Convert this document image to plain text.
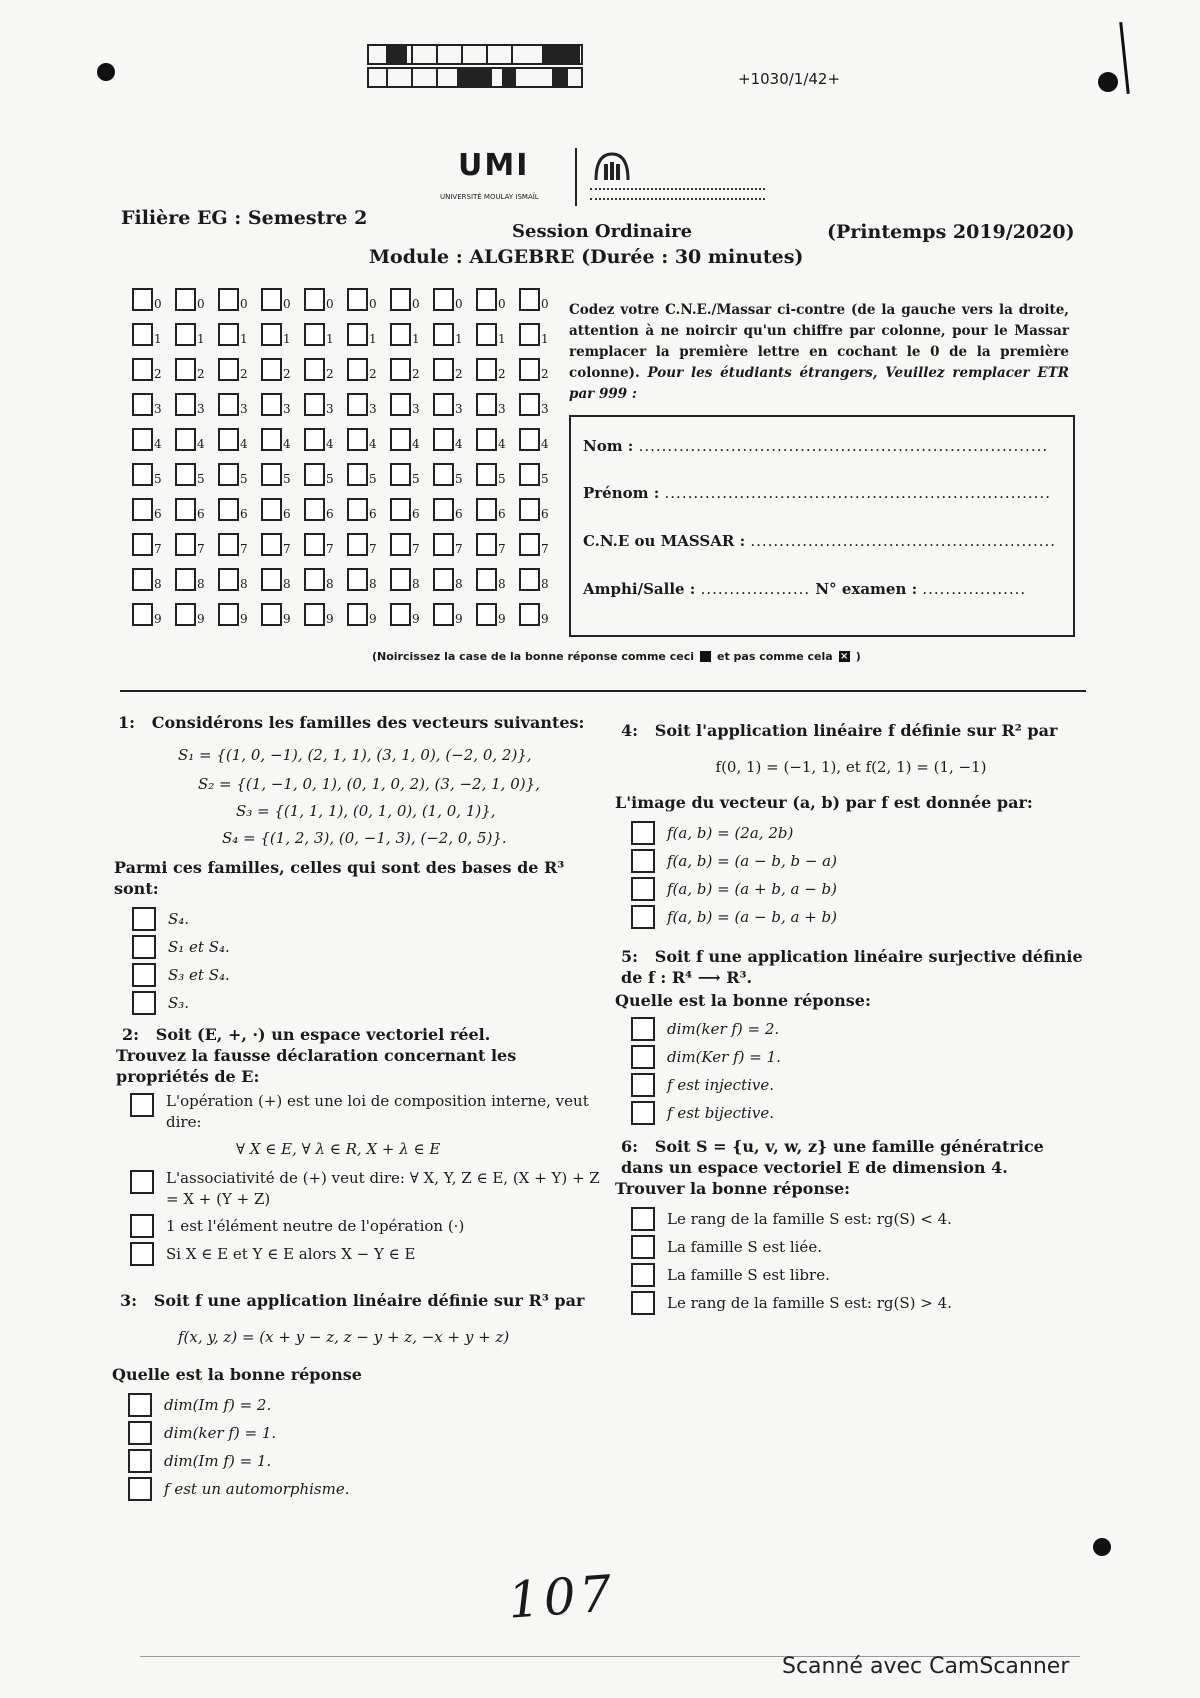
+1030/1/42+
UMI
UNIVERSITÉ MOULAY ISMAÏL
Filière EG : Semestre 2
Session Ordinaire	(Printemps 2019/2020)
Module : ALGEBRE (Durée : 30 minutes)
0	0	0	0	0	0	0	0	0	0
1	1	1	1	1	1	1	1	1	1
2	2	2	2	2	2	2	2	2	2
3	3	3	3	3	3	3	3	3	3
4	4	4	4	4	4	4	4	4	4
5	5	5	5	5	5	5	5	5	5
6	6	6	6	6	6	6	6	6	6
7	7	7	7	7	7	7	7	7	7
8	8	8	8	8	8	8	8	8	8
9	9	9	9	9	9	9	9	9	9
Codez votre C.N.E./Massar ci-contre (de la gauche vers la droite, attention à ne noircir qu'un chiffre par colonne, pour le Massar remplacer la première lettre en cochant le 0 de la première colonne). Pour les étudiants étrangers, Veuillez remplacer ETR par 999 :
Nom : .......................................................................
Prénom : ...................................................................
C.N.E ou MASSAR : .....................................................
Amphi/Salle : ................... N° examen : ..................
(Noircissez la case de la bonne réponse comme ceci et pas comme cela × )
1: Considérons les familles des vecteurs suivantes:
S₁ = {(1, 0, −1), (2, 1, 1), (3, 1, 0), (−2, 0, 2)},
S₂ = {(1, −1, 0, 1), (0, 1, 0, 2), (3, −2, 1, 0)},
S₃ = {(1, 1, 1), (0, 1, 0), (1, 0, 1)},
S₄ = {(1, 2, 3), (0, −1, 3), (−2, 0, 5)}.
Parmi ces familles, celles qui sont des bases de R³ sont:
S₄.
S₁ et S₄.
S₃ et S₄.
S₃.
2: Soit (E, +, ·) un espace vectoriel réel.
Trouvez la fausse déclaration concernant les propriétés de E:
L'opération (+) est une loi de composition interne, veut dire:
∀ X ∈ E, ∀ λ ∈ R, X + λ ∈ E
L'associativité de (+) veut dire: ∀ X, Y, Z ∈ E, (X + Y) + Z = X + (Y + Z)
1 est l'élément neutre de l'opération (·)
Si X ∈ E et Y ∈ E alors X − Y ∈ E
3: Soit f une application linéaire définie sur R³ par
f(x, y, z) = (x + y − z, z − y + z, −x + y + z)
Quelle est la bonne réponse
dim(Im f) = 2.
dim(ker f) = 1.
dim(Im f) = 1.
f est un automorphisme.
4: Soit l'application linéaire f définie sur R² par
f(0, 1) = (−1, 1), et f(2, 1) = (1, −1)
L'image du vecteur (a, b) par f est donnée par:
f(a, b) = (2a, 2b)
f(a, b) = (a − b, b − a)
f(a, b) = (a + b, a − b)
f(a, b) = (a − b, a + b)
5: Soit f une application linéaire surjective définie de f : R⁴ ⟶ R³.
Quelle est la bonne réponse:
dim(ker f) = 2.
dim(Ker f) = 1.
f est injective.
f est bijective.
6: Soit S = {u, v, w, z} une famille génératrice dans un espace vectoriel E de dimension 4.
Trouver la bonne réponse:
Le rang de la famille S est: rg(S) < 4.
La famille S est liée.
La famille S est libre.
Le rang de la famille S est: rg(S) > 4.
107
Scanné avec CamScanner
